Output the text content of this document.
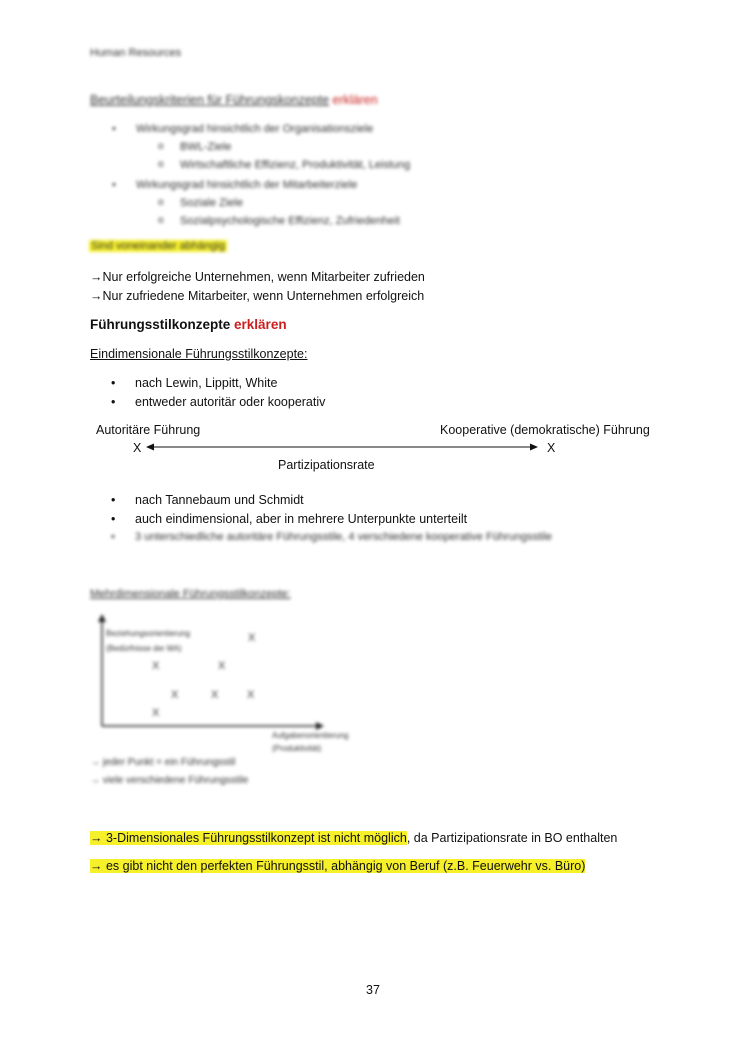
Human Resources
Beurteilungskriterien für Führungskonzepte erklären
• Wirkungsgrad hinsichtlich der Organisationsziele
o BWL-Ziele
o Wirtschaftliche Effizienz, Produktivität, Leistung
• Wirkungsgrad hinsichtlich der Mitarbeiterziele
o Soziale Ziele
o Sozialpsychologische Effizienz, Zufriedenheit
Sind voneinander abhängig
→Nur erfolgreiche Unternehmen, wenn Mitarbeiter zufrieden
→Nur zufriedene Mitarbeiter, wenn Unternehmen erfolgreich
Führungsstilkonzepte erklären
Eindimensionale Führungsstilkonzepte:
• nach Lewin, Lippitt, White
• entweder autoritär oder kooperativ
Autoritäre Führung	Kooperative (demokratische) Führung
X	X
Partizipationsrate
• nach Tannebaum und Schmidt
• auch eindimensional, aber in mehrere Unterpunkte unterteilt
• 3 unterschiedliche autoritäre Führungsstile, 4 verschiedene kooperative Führungsstile
Mehrdimensionale Führungsstilkonzepte:
Beziehungsorientierung
(Bedürfnisse der MA)
Aufgabenorientierung
(Produktivität)
X
X	X
X	X	X
X
→ jeder Punkt = ein Führungsstil
→ viele verschiedene Führungsstile
→ 3-Dimensionales Führungsstilkonzept ist nicht möglich, da Partizipationsrate in BO enthalten
→ es gibt nicht den perfekten Führungsstil, abhängig von Beruf (z.B. Feuerwehr vs. Büro)
37
